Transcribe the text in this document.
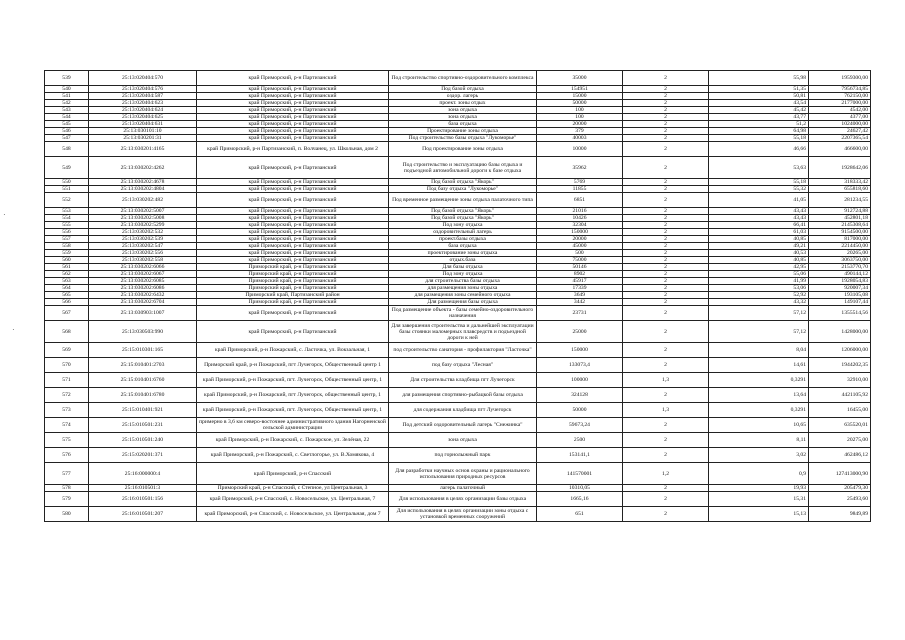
·
·
539	25:13:020404:570	край Приморский, р-н Партизанский	Под строительство спортивно-оздоровительного комплекса	35000	2	55,98	1959300,00
540	25:13:020404:576	край Приморский, р-н Партизанский	Под базой отдыха	154951	2	51,35	7956734,85
541	25:13:020404:587	край Приморский, р-н Партизанский	оздор. лагерь	15000	2	50,81	762150,00
542	25:13:020404:623	край Приморский, р-н Партизанский	проект. зоны отдых	50000	2	43,54	2177000,00
543	25:13:020404:624	край Приморский, р-н Партизанский	зона отдыха	100	2	45,42	4542,00
544	25:13:020404:625	край Приморский, р-н Партизанский	зона отдыха	100	2	43,77	4377,00
545	25:13:020404:631	край Приморский, р-н Партизанский	база отдыха	20000	2	51,2	1024000,00
546	25:13:030101:10	край Приморский, р-н Партизанский	Проектирование зоны отдыха	379	2	64,98	24627,42
547	25:13:030201:31	край Приморский, р-н Партизанский	Под строительство базы отдыха "Лукоморье"	40003	2	55,18	2207365,54
548	25:13:030201:4165	край Приморский, р-н Партизанский, п. Волчанец, ул. Школьная, дом 2	Под проектирование зоны отдыха	10000	2	46,66	466600,00
549	25:13:030202:4262	край Приморский, р-н Партизанский	Под строительство и эксплуатацию базы отдыха и подъездной автомобильной дороги к базе отдыха	35962	2	53,63	1928642,06
550	25:13:030202:4678	край Приморский, р-н Партизанский	Под базой отдыха "Якорь"	5769	2	55,18	318333,42
551	25:13:030202:4804	край Приморский, р-н Партизанский	Под базу отдыха "Лукоморье"	11855	2	55,32	655818,60
552	25:13:030202:482	край Приморский, р-н Партизанский	Под временное размещение зоны отдыха палаточного типа	6851	2	41,05	281234,55
553	25:13:030202:5007	край Приморский, р-н Партизанский	Под базой отдыха "Якорь"	21016	2	43,43	912724,88
554	25:13:030202:5008	край Приморский, р-н Партизанский	Под базой отдыха "Якорь"	10426	2	43,43	452801,18
555	25:13:030202:5299	край Приморский, р-н Партизанский	Под зону отдыха	32304	2	66,41	2145308,64
556	25:13:030202:532	край Приморский, р-н Партизанский	оздоровительный лагерь	150000	2	61,03	9154500,00
557	25:13:030202:539	край Приморский, р-н Партизанский	проект.базы отдыха	20000	2	40,85	817000,00
558	25:13:030202:547	край Приморский, р-н Партизанский	база отдыха	45000	2	49,21	2214450,00
559	25:13:030202:556	край Приморский, р-н Партизанский	проектирование зоны отдыха	500	2	40,53	20265,00
560	25:13:030202:558	край Приморский, р-н Партизанский	отдых.база	75000	2	40,85	3063750,00
561	25:13:030202:6066	Приморский край, р-н Партизанский	Для базы отдыха	50146	2	42,95	2153770,70
562	25:13:030202:6067	Приморский край, р-н Партизанский	Под зону отдыха	8902	2	55,06	490144,12
563	25:13:030202:6085	Приморский край, р-н Партизанский	для строительства базы отдыха	45917	2	41,99	1928054,83
564	25:13:030202:6086	Приморский край, р-н Партизанский	для размещения зоны отдыха	17339	2	53,06	920007,34
565	25:13:030202:6432	Приморский край, Партизанский район	для размещения зоны семейного отдыха	3649	2	52,92	193105,08
566	25:13:030202:6704	Приморский край, р-н Партизанский	Для размещения базы отдыха	3442	2	43,32	149107,44
567	25:13:030903:1007	край Приморский, р-н Партизанский	Под размещение объекта - базы семейно-оздоровительного назначения	23731	2	57,12	1355514,56
568	25:13:030503:990	край Приморский, р-н Партизанский	Для завершения строительства и дальнейшей эксплуатации базы стоянки маломерных плавсредств и подъездной дороги к ней	25000	2	57,12	1428000,00
569	25:15:010301:165	край Приморский, р-н Пожарский, с. Ласточка, ул. Вокзальная, 1	под строительство санатория - профилактория "Ласточка"	150000	2	8,04	1206000,00
570	25:15:010401:2703	Приморский край, р-н Пожарский, пгт Лучегорск, Общественный центр 1	под базу отдыха "Лесная"	133073,4	2	14,61	1944202,35
571	25:15:010401:6760	край Приморский, р-н Пожарский, пгт. Лучегорск, Общественный центр, 1	Для строительства кладбища пгт Лучегорск	100000	1,3	0,3291	32910,00
572	25:15:010401:6780	край Приморский, р-н Пожарский, пгт Лучегорск, общественный центр, 1	для размещения спортивно-рыбацкой базы отдыха	324128	2	13,64	4421105,92
573	25:15:010401:921	край Приморский, р-н Пожарский, пгт. Лучегорск, Общественный центр, 1	для содержания кладбища пгт Лучегорск	50000	1,3	0,3291	16455,00
574	25:15:010501:231	примерно в 3,6 км северо-восточнее административного здания Нагорненской сельской администрации	Под детский оздоровительный лагерь "Снежинка"	59673,24	2	10,65	635520,01
575	25:15:010501:240	край Приморский, р-н Пожарский, с. Пожарское, ул. Зелёная, 22	зона отдыха	2500	2	8,11	20275,00
576	25:15:020201:371	край Приморский, р-н Пожарский, с. Светлогорье, ул. В.Хомякова, 4	под горнолыжный парк	153141,1	2	3,02	462486,12
577	25:16:000000:4	край Приморский, р-н Спасский	Для разработки научных основ охраны и рационального использования природных ресурсов	141570001	1,2	0,9	127413000,90
578	25:16:010501:3	Приморский край, р-н Спасский, с Степное, ул Центральная, 3	лагерь палаточный	10310,05	2	19,93	205479,30
579	25:16:010501:156	край Приморский, р-н Спасский, с. Новосельское, ул. Центральная, 7	Для использования в целях организации базы отдыха	1665,16	2	15,31	25493,60
580	25:16:010501:207	край Приморский, р-н Спасский, с. Новосельское, ул. Центральная, дом 7	Для использования в целях организации зоны отдыха с установкой временных сооружений	651	2	15,13	9849,89
